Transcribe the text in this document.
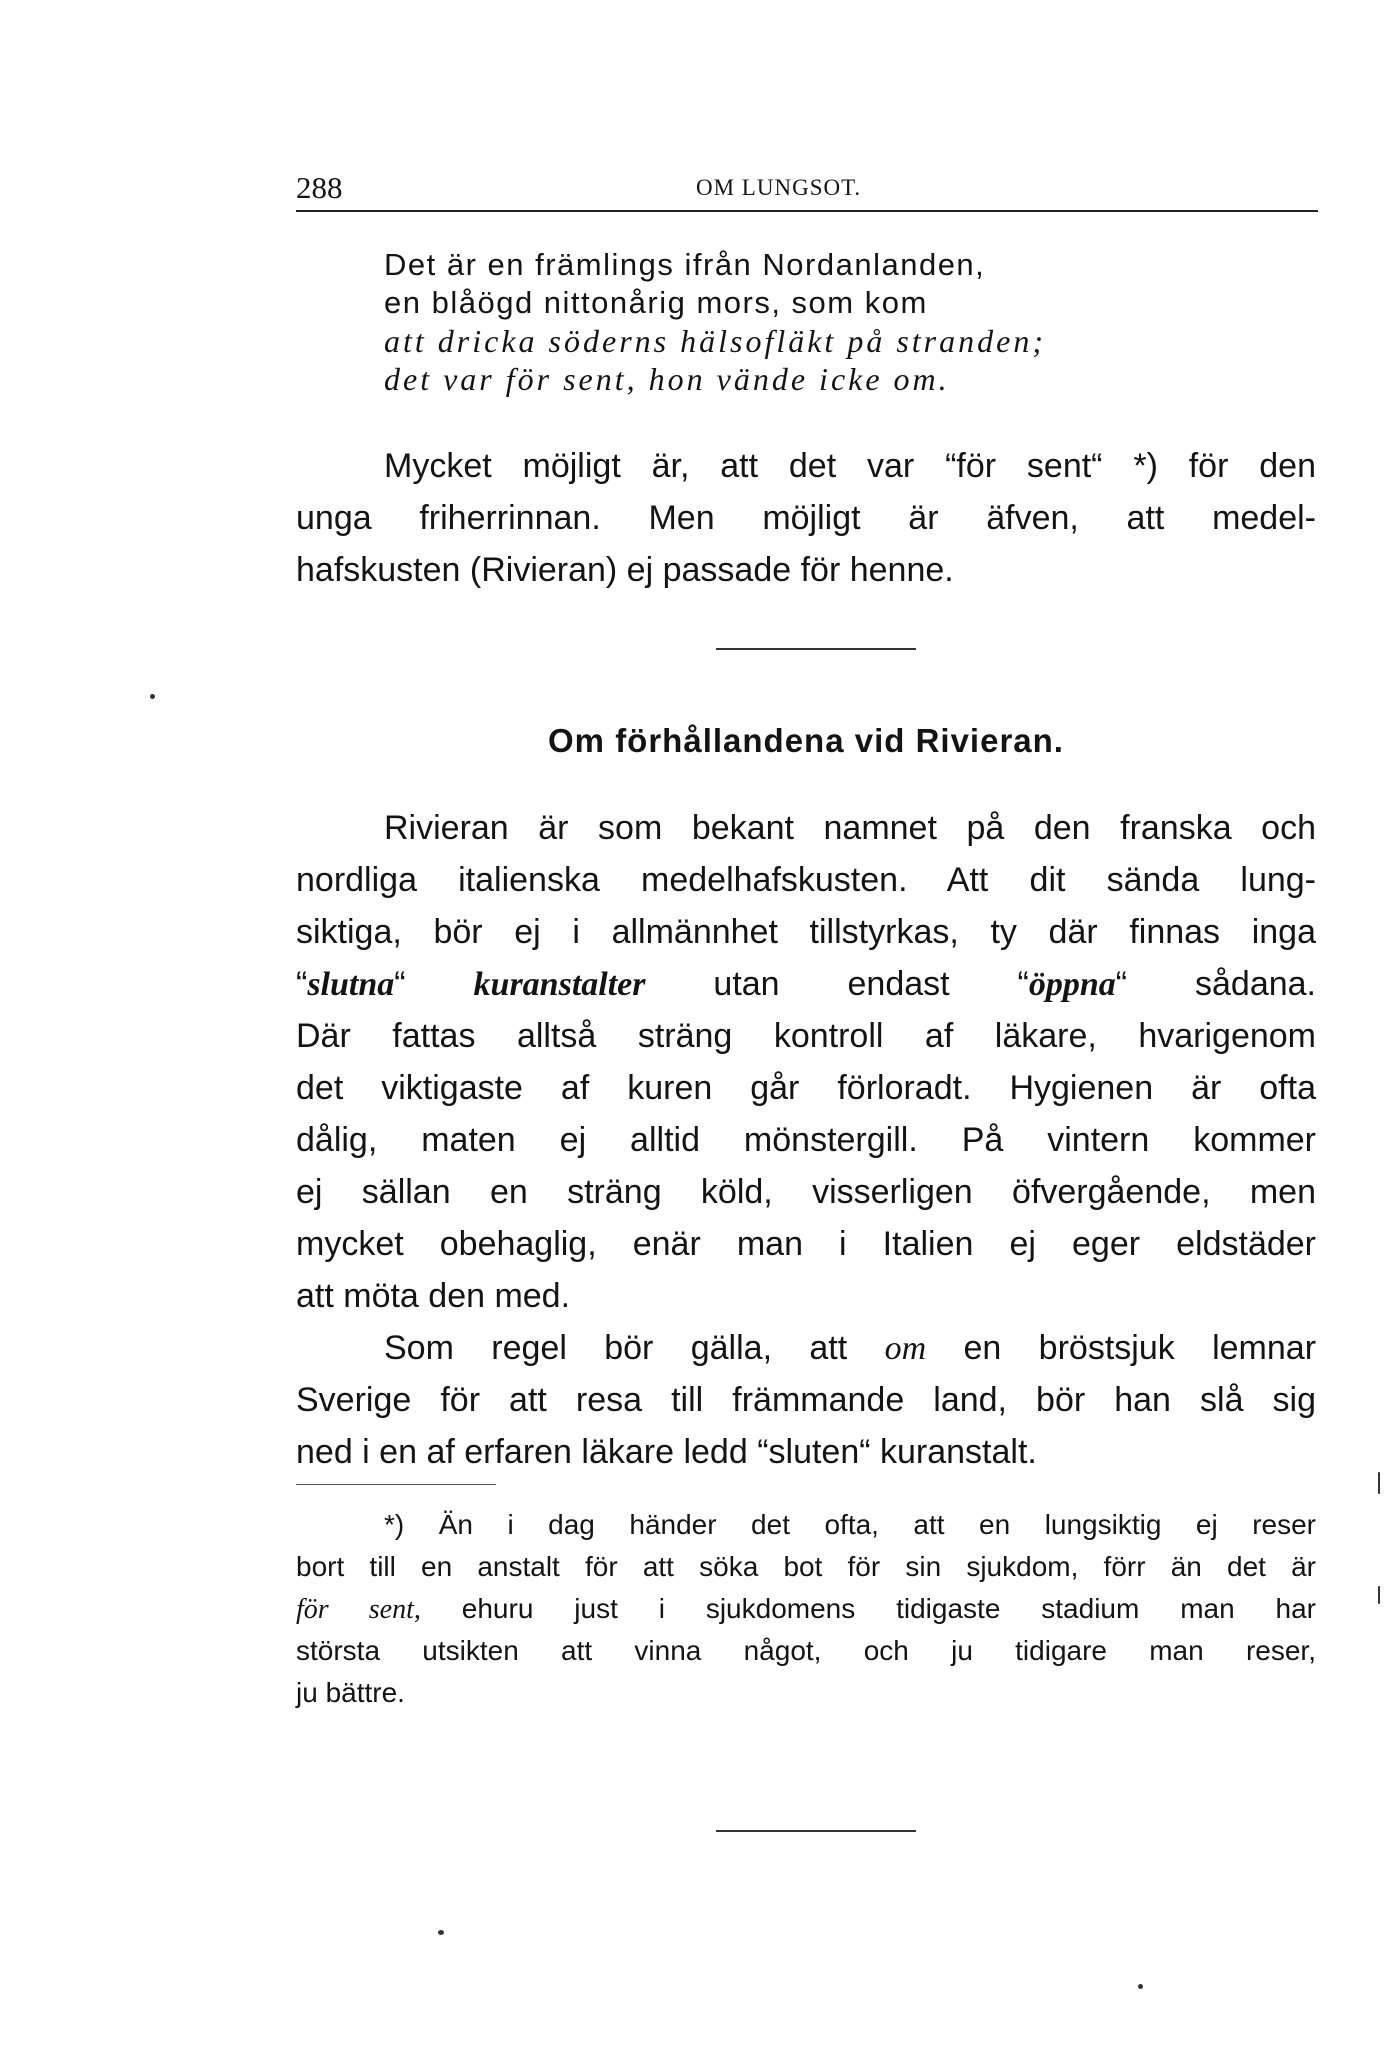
288	OM LUNGSOT.
Det är en främlings ifrån Nordanlanden,
en blåögd nittonårig mors, som kom
att dricka söderns hälsofläkt på stranden;
det var för sent, hon vände icke om.
Mycket möjligt är, att det var “för sent“ *) för den
unga friherrinnan. Men möjligt är äfven, att medel-
hafskusten (Rivieran) ej passade för henne.
Om förhållandena vid Rivieran.
Rivieran är som bekant namnet på den franska och
nordliga italienska medelhafskusten. Att dit sända lung-
siktiga, bör ej i allmännhet tillstyrkas, ty där finnas inga
“slutna“ kuranstalter utan endast “öppna“ sådana.
Där fattas alltså sträng kontroll af läkare, hvarigenom
det viktigaste af kuren går förloradt. Hygienen är ofta
dålig, maten ej alltid mönstergill. På vintern kommer
ej sällan en sträng köld, visserligen öfvergående, men
mycket obehaglig, enär man i Italien ej eger eldstäder
att möta den med.
Som regel bör gälla, att om en bröstsjuk lemnar
Sverige för att resa till främmande land, bör han slå sig
ned i en af erfaren läkare ledd “sluten“ kuranstalt.
*) Än i dag händer det ofta, att en lungsiktig ej reser
bort till en anstalt för att söka bot för sin sjukdom, förr än det är
för sent, ehuru just i sjukdomens tidigaste stadium man har
största utsikten att vinna något, och ju tidigare man reser,
ju bättre.
